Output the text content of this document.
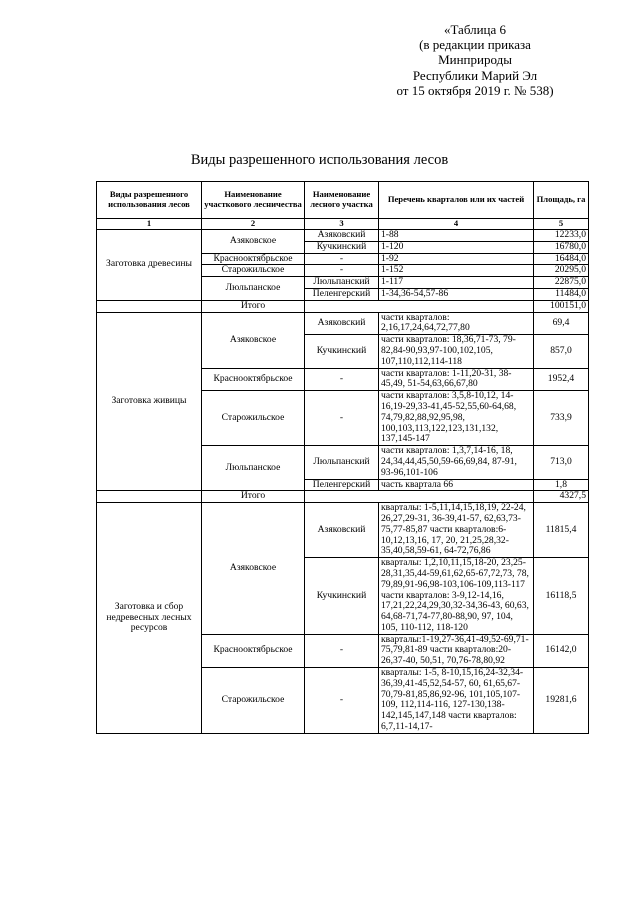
«Таблица 6
(в редакции приказа
Минприроды
Республики Марий Эл
от 15 октября 2019 г. № 538)
Виды разрешенного использования лесов
Виды разрешенного использования лесов	Наименование участкового лесничества	Наименование лесного участка	Перечень кварталов или их частей	Площадь, га
1	2	3	4	5
Заготовка древесины	Азяковское	Азяковский	1-88	12233,0
		Кучкинский	1-120	16780,0
	Краснооктябрьское	-	1-92	16484,0
	Старожильское	-	1-152	20295,0
	Люльпанское	Люльпанский	1-117	22875,0
		Пелeнгерский	1-34,36-54,57-86	11484,0
	Итого			100151,0
Заготовка живицы	Азяковское	Азяковский	части кварталов: 2,16,17,24,64,72,77,80	69,4
		Кучкинский	части кварталов: 18,36,71-73, 79-82,84-90,93,97-100,102,105, 107,110,112,114-118	857,0
	Краснооктябрьское	-	части кварталов: 1-11,20-31, 38-45,49, 51-54,63,66,67,80	1952,4
	Старожильское	-	части кварталов: 3,5,8-10,12, 14-16,19-29,33-41,45-52,55,60-64,68, 74,79,82,88,92,95,98, 100,103,113,122,123,131,132, 137,145-147	733,9
	Люльпанское	Люльпанский	части кварталов: 1,3,7,14-16, 18, 24,34,44,45,50,59-66,69,84, 87-91, 93-96,101-106	713,0
		Пеленгерский	часть квартала 66	1,8
	Итого			4327,5
Заготовка и сбор недревесных лесных ресурсов	Азяковское	Азяковский	кварталы: 1-5,11,14,15,18,19, 22-24, 26,27,29-31, 36-39,41-57, 62,63,73-75,77-85,87 части кварталов:6-10,12,13,16, 17, 20, 21,25,28,32-35,40,58,59-61, 64-72,76,86	11815,4
		Кучкинский	кварталы: 1,2,10,11,15,18-20, 23,25-28,31,35,44-59,61,62,65-67,72,73, 78, 79,89,91-96,98-103,106-109,113-117 части кварталов: 3-9,12-14,16, 17,21,22,24,29,30,32-34,36-43, 60,63, 64,68-71,74-77,80-88,90, 97, 104, 105, 110-112, 118-120	16118,5
	Краснооктябрьское	-	кварталы:1-19,27-36,41-49,52-69,71-75,79,81-89 части кварталов:20-26,37-40, 50,51, 70,76-78,80,92	16142,0
	Старожильское	-	кварталы: 1-5, 8-10,15,16,24-32,34-36,39,41-45,52,54-57, 60, 61,65,67-70,79-81,85,86,92-96, 101,105,107-109, 112,114-116, 127-130,138-142,145,147,148 части кварталов: 6,7,11-14,17-	19281,6
